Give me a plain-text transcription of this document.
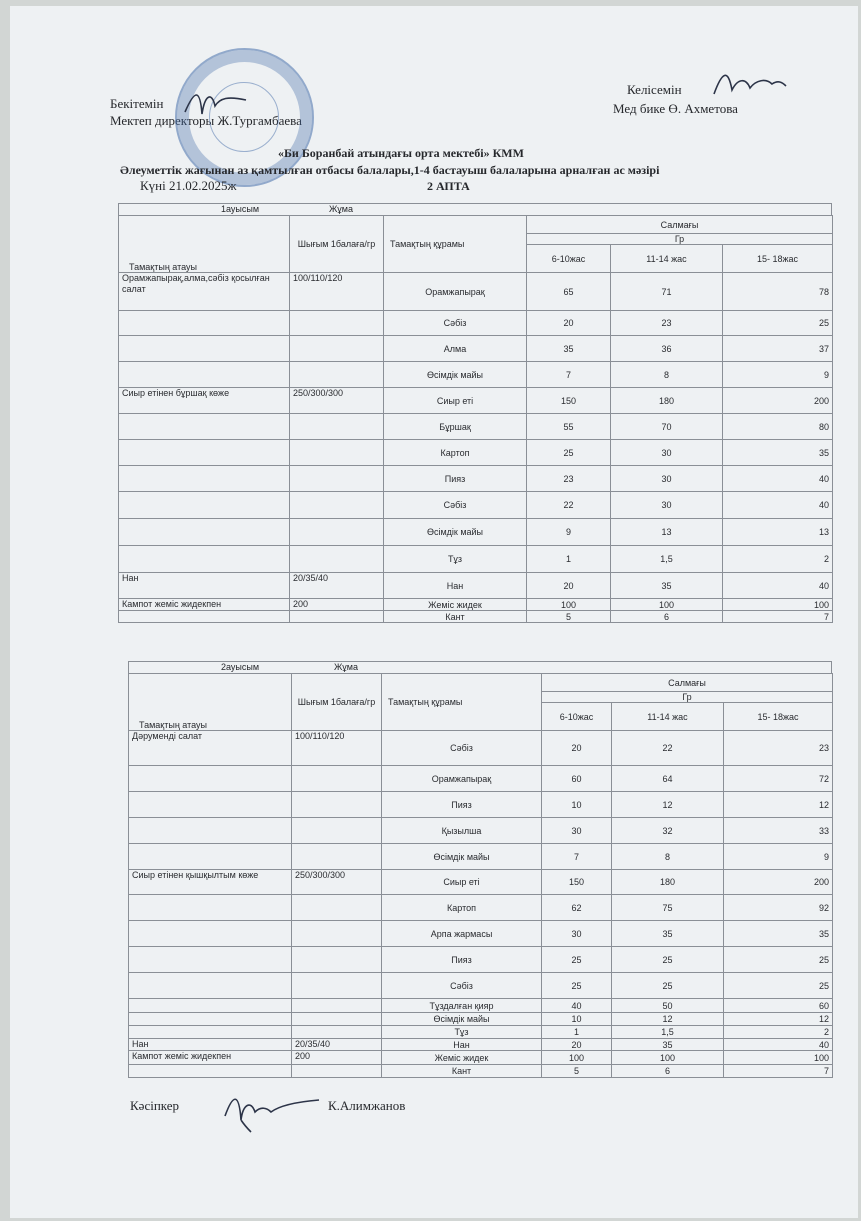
Бекітемін
Мектеп директоры Ж.Тургамбаева
Келісемін
Мед бике Ө. Ахметова
«Би Боранбай атындағы орта мектебі» КММ
Әлеуметтік жағынан аз қамтылған отбасы балалары,1-4 бастауыш балаларына арналған ас мәзірі
2 АПТА
Күні 21.02.2025ж
1ауысым	Жұма
Тамақтың атауы	Шығым 1балаға/гр	Тамақтың құрамы	Салмағы		
			Гр		
			6-10жас	11-14 жас	15- 18жас
Орамжапырақ,алма,сәбіз қосылған салат	100/110/120	Орамжапырақ	65	71	78
		Сәбіз	20	23	25
		Алма	35	36	37
		Өсімдік майы	7	8	9
Сиыр етінен бұршақ көже	250/300/300	Сиыр еті	150	180	200
		Бұршақ	55	70	80
		Картоп	25	30	35
		Пияз	23	30	40
		Сәбіз	22	30	40
		Өсімдік майы	9	13	13
		Тұз	1	1,5	2
Нан	20/35/40	Нан	20	35	40
Кампот жеміс жидекпен	200	Жеміс жидек	100	100	100
		Кант	5	6	7
2ауысым	Жұма
Тамақтың атауы	Шығым 1балаға/гр	Тамақтың құрамы	Салмағы		
			Гр		
			6-10жас	11-14 жас	15- 18жас
Дәруменді салат	100/110/120	Сәбіз	20	22	23
		Орамжапырақ	60	64	72
		Пияз	10	12	12
		Қызылша	30	32	33
		Өсімдік майы	7	8	9
Сиыр етінен қышқылтым көже	250/300/300	Сиыр еті	150	180	200
		Картоп	62	75	92
		Арпа жармасы	30	35	35
		Пияз	25	25	25
		Сәбіз	25	25	25
		Тұздалған қияр	40	50	60
		Өсімдік майы	10	12	12
		Тұз	1	1,5	2
Нан	20/35/40	Нан	20	35	40
Кампот жеміс жидекпен	200	Жеміс жидек	100	100	100
		Кант	5	6	7
Кәсіпкер	К.Алимжанов
